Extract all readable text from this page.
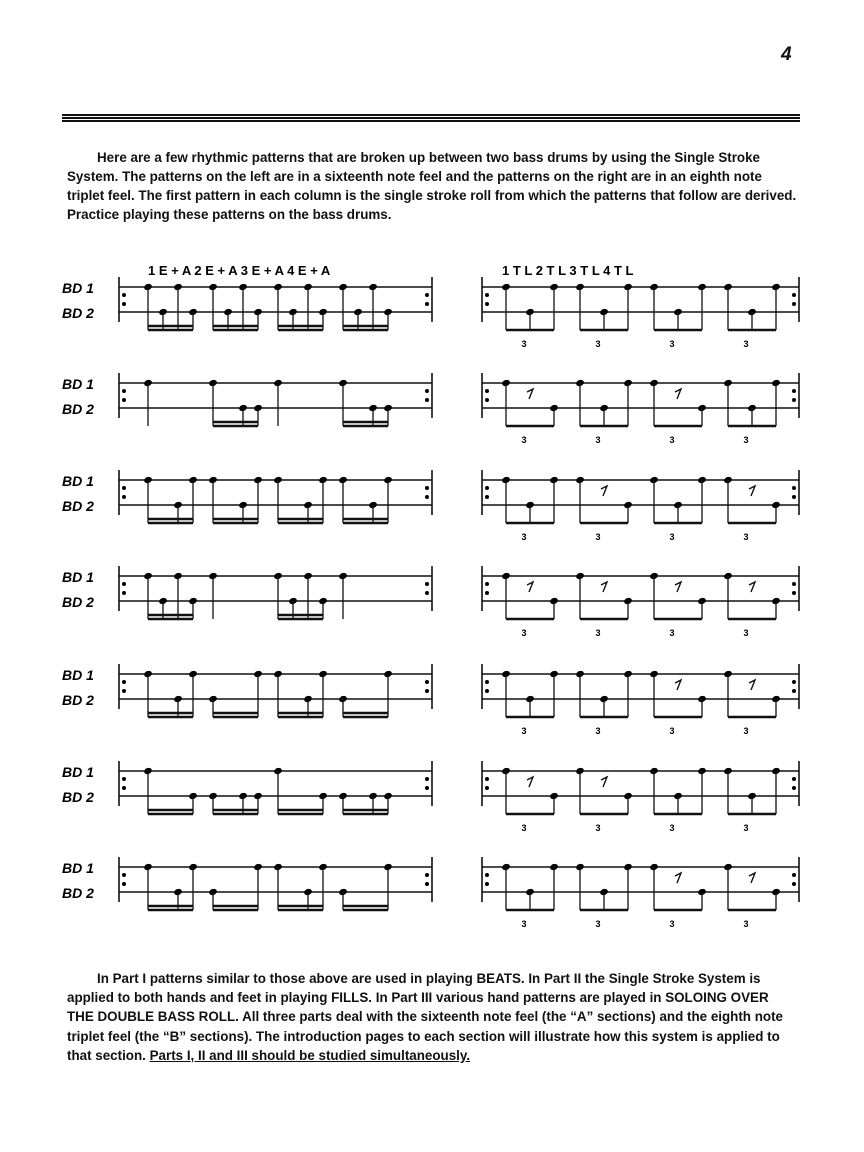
4

Here are a few rhythmic patterns that are broken up between two bass drums by using the Single Stroke System. The patterns on the left are in a sixteenth note feel and the patterns on the right are in an eighth note triplet feel. The first pattern in each column is the single stroke roll from which the patterns that follow are derived. Practice playing these patterns on the bass drums.

1 E + A 2 E + A 3 E + A 4 E + A	1 T L 2 T L 3 T L 4 T L
BD 1
BD 2
3	3	3	3
BD 1
BD 2
3	3	3	3
BD 1
BD 2
3	3	3	3
BD 1
BD 2
3	3	3	3
BD 1
BD 2
3	3	3	3
BD 1
BD 2
3	3	3	3
BD 1
BD 2
3	3	3	3

In Part I patterns similar to those above are used in playing BEATS. In Part II the Single Stroke System is applied to both hands and feet in playing FILLS. In Part III various hand patterns are played in SOLOING OVER THE DOUBLE BASS ROLL. All three parts deal with the sixteenth note feel (the “A” sections) and the eighth note triplet feel (the “B” sections). The introduction pages to each section will illustrate how this system is applied to that section. Parts I, II and III should be studied simultaneously.
